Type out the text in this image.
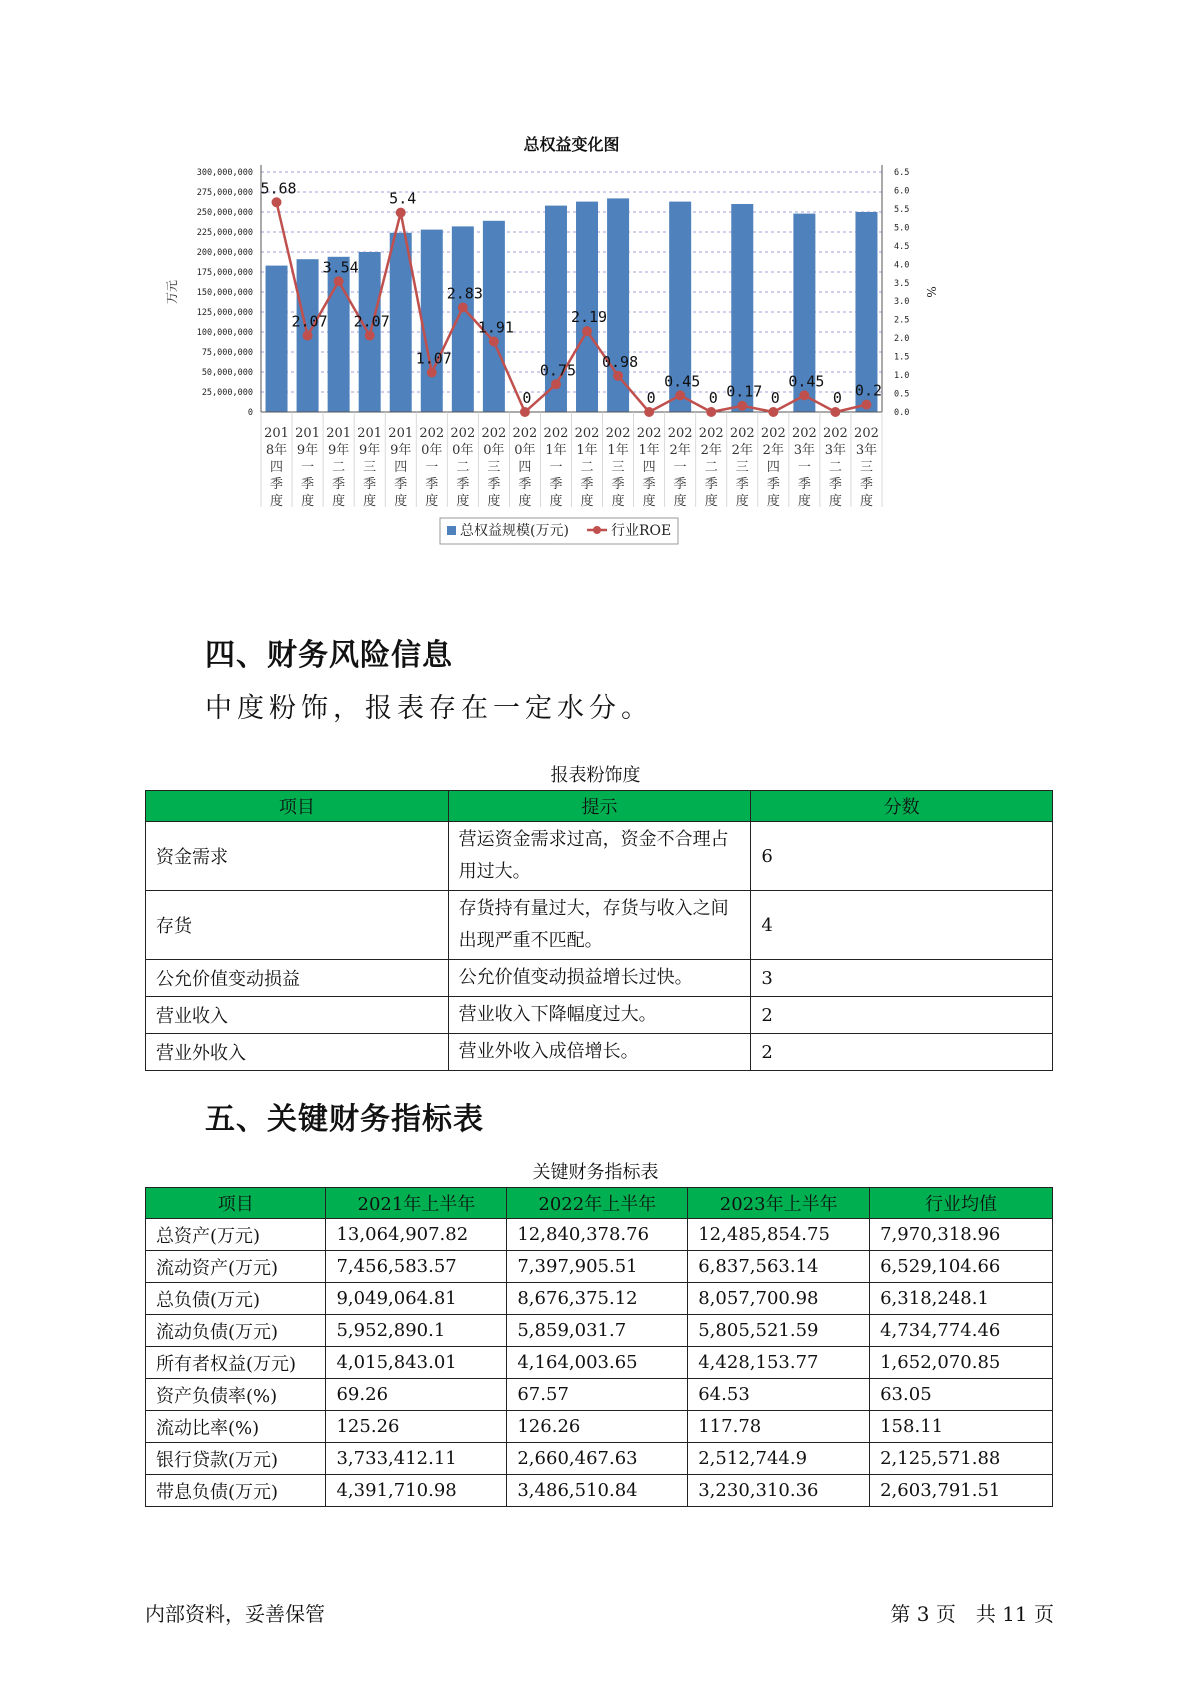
总权益变化图
0
25,000,000
50,000,000
75,000,000
100,000,000
125,000,000
150,000,000
175,000,000
200,000,000
225,000,000
250,000,000
275,000,000
300,000,000
0.0
0.5
1.0
1.5
2.0
2.5
3.0
3.5
4.0
4.5
5.0
5.5
6.0
6.5
万元	%
201
8年
四
季
度
201
9年
一
季
度
201
9年
二
季
度
201
9年
三
季
度
201
9年
四
季
度
202
0年
一
季
度
202
0年
二
季
度
202
0年
三
季
度
202
0年
四
季
度
202
1年
一
季
度
202
1年
二
季
度
202
1年
三
季
度
202
1年
四
季
度
202
2年
一
季
度
202
2年
二
季
度
202
2年
三
季
度
202
2年
四
季
度
202
3年
一
季
度
202
3年
二
季
度
202
3年
三
季
度
5.68
2.07
3.54
2.07
5.4
1.07
2.83
1.91
0
0.75
2.19
0.98
0
0.45
0 0.17 0
0.45
0 0.2
总权益规模(万元)	行业ROE
四、财务风险信息
中度粉饰，报表存在一定水分。
报表粉饰度
项目	提示	分数
资金需求	营运资金需求过高，资金不合理占用过大。	6
存货	存货持有量过大，存货与收入之间出现严重不匹配。	4
公允价值变动损益	公允价值变动损益增长过快。	3
营业收入	营业收入下降幅度过大。	2
营业外收入	营业外收入成倍增长。	2
五、关键财务指标表
关键财务指标表
项目	2021年上半年	2022年上半年	2023年上半年	行业均值
总资产(万元)	13,064,907.82	12,840,378.76	12,485,854.75	7,970,318.96
流动资产(万元)	7,456,583.57	7,397,905.51	6,837,563.14	6,529,104.66
总负债(万元)	9,049,064.81	8,676,375.12	8,057,700.98	6,318,248.1
流动负债(万元)	5,952,890.1	5,859,031.7	5,805,521.59	4,734,774.46
所有者权益(万元)	4,015,843.01	4,164,003.65	4,428,153.77	1,652,070.85
资产负债率(%)	69.26	67.57	64.53	63.05
流动比率(%)	125.26	126.26	117.78	158.11
银行贷款(万元)	3,733,412.11	2,660,467.63	2,512,744.9	2,125,571.88
带息负债(万元)	4,391,710.98	3,486,510.84	3,230,310.36	2,603,791.51
内部资料，妥善保管	第 3 页　共 11 页
